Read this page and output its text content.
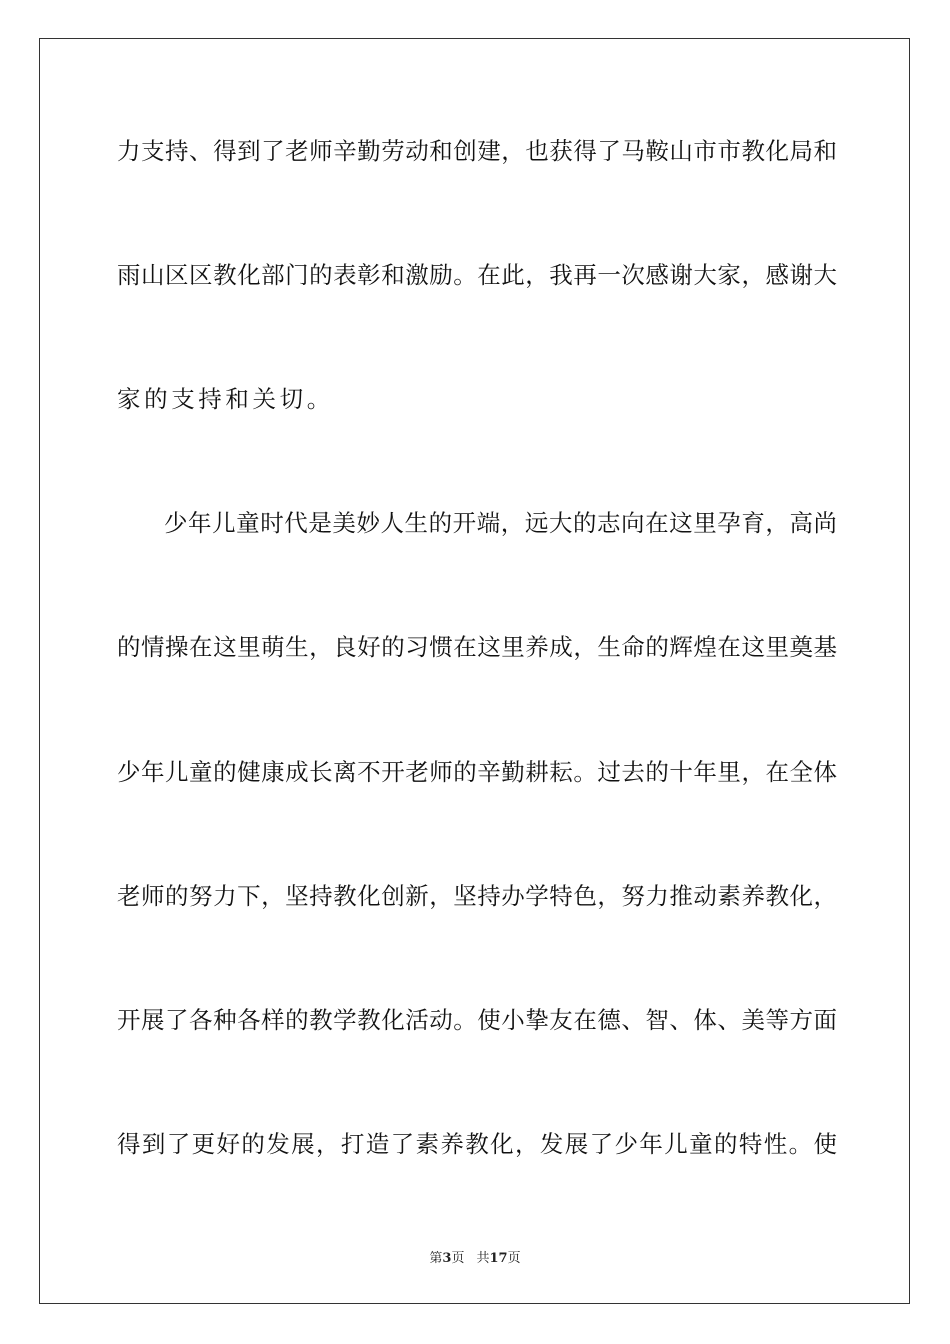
力支持、得到了老师辛勤劳动和创建，也获得了马鞍山市市教化局和
雨山区区教化部门的表彰和激励。在此，我再一次感谢大家，感谢大
家的支持和关切。
少年儿童时代是美妙人生的开端，远大的志向在这里孕育，高尚
的情操在这里萌生，良好的习惯在这里养成，生命的辉煌在这里奠基
少年儿童的健康成长离不开老师的辛勤耕耘。过去的十年里，在全体
老师的努力下，坚持教化创新，坚持办学特色，努力推动素养教化，
开展了各种各样的教学教化活动。使小挚友在德、智、体、美等方面
得到了更好的发展，打造了素养教化，发展了少年儿童的特性。使
第3页 共17页
